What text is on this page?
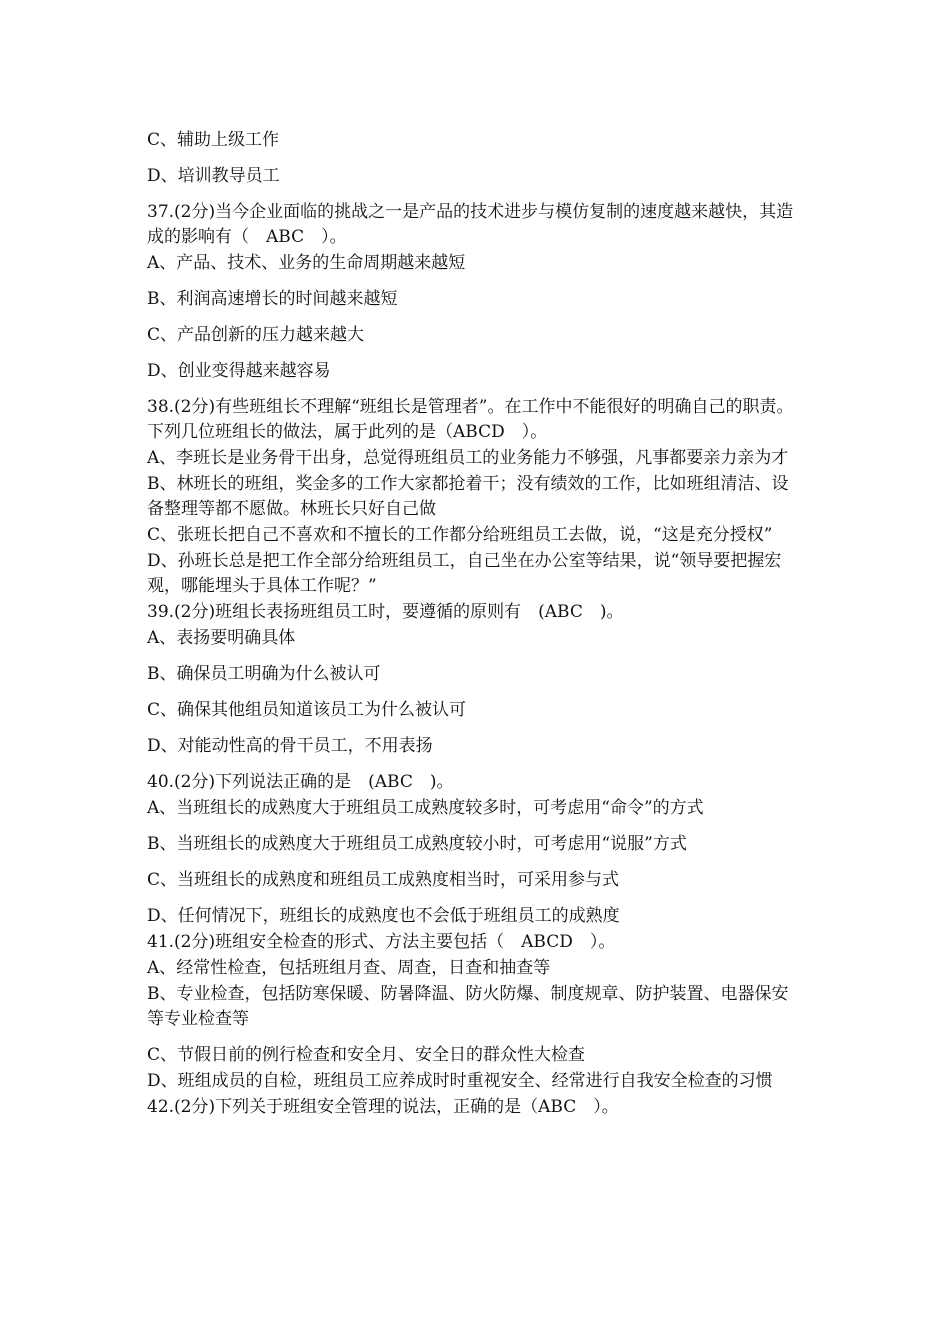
C、辅助上级工作
D、培训教导员工
37.(2分)当今企业面临的挑战之一是产品的技术进步与模仿复制的速度越来越快，其造成的影响有（　ABC　）。
A、产品、技术、业务的生命周期越来越短
B、利润高速增长的时间越来越短
C、产品创新的压力越来越大
D、创业变得越来越容易
38.(2分)有些班组长不理解“班组长是管理者”。在工作中不能很好的明确自己的职责。下列几位班组长的做法，属于此列的是（ABCD　）。
A、李班长是业务骨干出身，总觉得班组员工的业务能力不够强，凡事都要亲力亲为才
B、林班长的班组，奖金多的工作大家都抢着干；没有绩效的工作，比如班组清洁、设备整理等都不愿做。林班长只好自己做
C、张班长把自己不喜欢和不擅长的工作都分给班组员工去做，说，“这是充分授权”
D、孙班长总是把工作全部分给班组员工，自己坐在办公室等结果，说“领导要把握宏观，哪能埋头于具体工作呢？”
39.(2分)班组长表扬班组员工时，要遵循的原则有　(ABC　)。
A、表扬要明确具体
B、确保员工明确为什么被认可
C、确保其他组员知道该员工为什么被认可
D、对能动性高的骨干员工，不用表扬
40.(2分)下列说法正确的是　(ABC　)。
A、当班组长的成熟度大于班组员工成熟度较多时，可考虑用“命令”的方式
B、当班组长的成熟度大于班组员工成熟度较小时，可考虑用“说服”方式
C、当班组长的成熟度和班组员工成熟度相当时，可采用参与式
D、任何情况下，班组长的成熟度也不会低于班组员工的成熟度
41.(2分)班组安全检查的形式、方法主要包括（　ABCD　）。
A、经常性检查，包括班组月查、周查，日查和抽查等
B、专业检查，包括防寒保暖、防暑降温、防火防爆、制度规章、防护装置、电器保安等专业检查等
C、节假日前的例行检查和安全月、安全日的群众性大检查
D、班组成员的自检，班组员工应养成时时重视安全、经常进行自我安全检查的习惯
42.(2分)下列关于班组安全管理的说法，正确的是（ABC　）。
